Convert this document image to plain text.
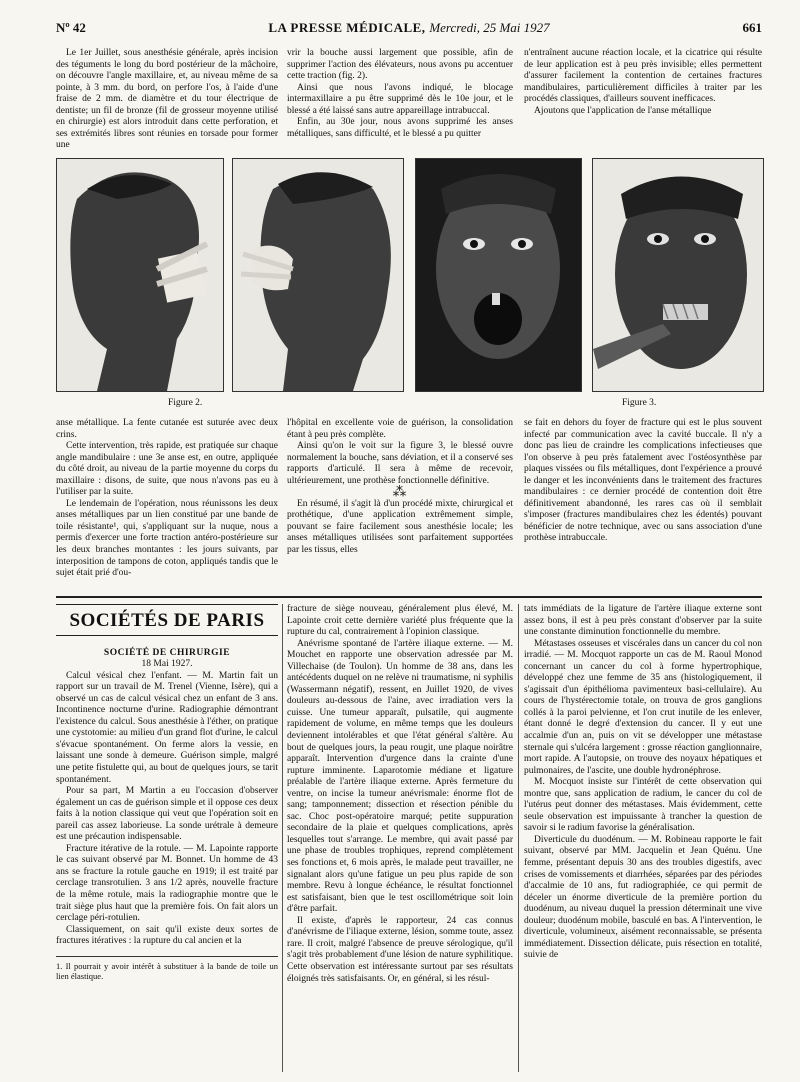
Nº 42	LA PRESSE MÉDICALE, Mercredi, 25 Mai 1927	661

Le 1er Juillet, sous anesthésie générale, après incision des téguments le long du bord postérieur de la mâchoire, on découvre l'angle maxillaire, et, au niveau même de sa pointe, à 3 mm. du bord, on perfore l'os, à l'aide d'une fraise de 2 mm. de diamètre et du tour électrique de dentiste; un fil de bronze (fil de grosseur moyenne utilisé en chirurgie) est alors introduit dans cette perforation, et ses extrémités libres sont réunies en torsade pour former une

vrir la bouche aussi largement que possible, afin de supprimer l'action des élévateurs, nous avons pu accentuer cette traction (fig. 2).

Ainsi que nous l'avons indiqué, le blocage intermaxillaire a pu être supprimé dès le 10e jour, et le blessé a été laissé sans autre appareillage intrabuccal.

Enfin, au 30e jour, nous avons supprimé les anses métalliques, sans difficulté, et le blessé a pu quitter

n'entraînent aucune réaction locale, et la cicatrice qui résulte de leur application est à peu près invisible; elles permettent d'assurer facilement la contention de certaines fractures mandibulaires, particulièrement difficiles à traiter par les procédés classiques, d'ailleurs souvent inefficaces.

Ajoutons que l'application de l'anse métallique

Figure 2.	Figure 3.

anse métallique. La fente cutanée est suturée avec deux crins.

Cette intervention, très rapide, est pratiquée sur chaque angle mandibulaire : une 3e anse est, en outre, appliquée du côté droit, au niveau de la partie moyenne du corps du maxillaire : disons, de suite, que nous n'avons pas eu à l'utiliser par la suite.

Le lendemain de l'opération, nous réunissons les deux anses métalliques par un lien constitué par une bande de toile résistante¹, qui, s'appliquant sur la nuque, nous a permis d'exercer une forte traction antéro-postérieure sur les deux branches montantes : les jours suivants, par interposition de tampons de coton, appliqués tandis que le sujet était prié d'ou-

l'hôpital en excellente voie de guérison, la consolidation étant à peu près complète.

Ainsi qu'on le voit sur la figure 3, le blessé ouvre normalement la bouche, sans déviation, et il a conservé ses rapports d'articulé. Il sera à même de recevoir, ultérieurement, une prothèse fonctionnelle définitive.

⁂

En résumé, il s'agit là d'un procédé mixte, chirurgical et prothétique, d'une application extrêmement simple, pouvant se faire facilement sous anesthésie locale; les anses métalliques utilisées sont parfaitement supportées par les tissus, elles

se fait en dehors du foyer de fracture qui est le plus souvent infecté par communication avec la cavité buccale. Il n'y a donc pas lieu de craindre les complications infectieuses que l'on observe à peu près fatalement avec l'ostéosynthèse par plaques vissées ou fils métalliques, dont l'expérience a prouvé le danger et les inconvénients dans le traitement des fractures mandibulaires : ce dernier procédé de contention doit être définitivement abandonné, les rares cas où il semblait s'imposer (fractures mandibulaires chez les édentés) pouvant bénéficier de notre technique, avec ou sans association d'une prothèse intrabuccale.

SOCIÉTÉS DE PARIS

SOCIÉTÉ DE CHIRURGIE

18 Mai 1927.

Calcul vésical chez l'enfant. — M. Martin fait un rapport sur un travail de M. Trenel (Vienne, Isère), qui a observé un cas de calcul vésical chez un enfant de 3 ans. Incontinence nocturne d'urine. Radiographie démontrant l'existence du calcul. Sous anesthésie à l'éther, on pratique une cystotomie: au milieu d'un grand flot d'urine, le calcul s'évacue spontanément. On ferme alors la vessie, en laissant une sonde à demeure. Guérison simple, malgré une petite fistulette qui, au bout de quelques jours, se tarit spontanément.

Pour sa part, M Martin a eu l'occasion d'observer également un cas de guérison simple et il oppose ces deux faits à la notion classique qui veut que l'opération soit en pareil cas assez laborieuse. La sonde urétrale à demeure est une précaution indispensable.

Fracture itérative de la rotule. — M. Lapointe rapporte le cas suivant observé par M. Bonnet. Un homme de 43 ans se fracture la rotule gauche en 1919; il est traité par cerclage transrotulien. 3 ans 1/2 après, nouvelle fracture de la même rotule, mais la radiographie montre que le trait siège plus haut que la première fois. On fait alors un cerclage péri-rotulien.

Classiquement, on sait qu'il existe deux sortes de fractures itératives : la rupture du cal ancien et la

1. Il pourrait y avoir intérêt à substituer à la bande de toile un lien élastique.

fracture de siège nouveau, généralement plus élevé, M. Lapointe croit cette dernière variété plus fréquente que la rupture du cal, contrairement à l'opinion classique.

Anévrisme spontané de l'artère iliaque externe. — M. Mouchet en rapporte une observation adressée par M. Villechaise (de Toulon). Un homme de 38 ans, dans les antécédents duquel on ne relève ni traumatisme, ni syphilis (Wassermann négatif), ressent, en Juillet 1920, de vives douleurs au-dessous de l'aine, avec irradiation vers la cuisse. Une tumeur apparaît, pulsatile, qui augmente rapidement de volume, en même temps que les douleurs deviennent intolérables et que l'état général s'altère. Au bout de quelques jours, la peau rougit, une plaque noirâtre apparaît. Intervention d'urgence dans la crainte d'une rupture imminente. Laparotomie médiane et ligature préalable de l'artère iliaque externe. Après fermeture du ventre, on incise la tumeur anévrismale: énorme flot de sang; tamponnement; dissection et résection pénible du sac. Choc post-opératoire marqué; petite suppuration secondaire de la plaie et quelques complications, après lesquelles tout s'arrange. Le membre, qui avait passé par une phase de troubles trophiques, reprend complètement ses fonctions et, 6 mois après, le malade peut travailler, ne signalant alors qu'une fatigue un peu plus rapide de son membre. Revu à longue échéance, le résultat fonctionnel est satisfaisant, bien que le test oscillométrique soit loin d'être parfait.

Il existe, d'après le rapporteur, 24 cas connus d'anévrisme de l'iliaque externe, lésion, somme toute, assez rare. Il croit, malgré l'absence de preuve sérologique, qu'il s'agit très probablement d'une lésion de nature syphilitique. Cette observation est intéressante surtout par ses résultats éloignés très satisfaisants. Or, en général, si les résul-

tats immédiats de la ligature de l'artère iliaque externe sont assez bons, il est à peu près constant d'observer par la suite une constante diminution fonctionnelle du membre.

Métastases osseuses et viscérales dans un cancer du col non irradié. — M. Mocquot rapporte un cas de M. Raoul Monod concernant un cancer du col à forme hypertrophique, développé chez une femme de 35 ans (histologiquement, il s'agissait d'un épithélioma pavimenteux basi-cellulaire). Au cours de l'hystérectomie totale, on trouva de gros ganglions collés à la paroi pelvienne, et l'on crut inutile de les enlever, étant donné le degré d'extension du cancer. Il y eut une accalmie d'un an, puis on vit se développer une métastase sternale qui s'ulcéra largement : grosse réaction ganglionnaire, mort rapide. A l'autopsie, on trouve des noyaux hépatiques et pulmonaires, de l'ascite, une double hydronéphrose.

M. Mocquot insiste sur l'intérêt de cette observation qui montre que, sans application de radium, le cancer du col de l'utérus peut donner des métastases. Mais évidemment, cette seule observation est impuissante à trancher la question de savoir si le radium favorise la généralisation.

Diverticule du duodénum. — M. Robineau rapporte le fait suivant, observé par MM. Jacquelin et Jean Quénu. Une femme, présentant depuis 30 ans des troubles digestifs, avec crises de vomissements et diarrhées, séparées par des périodes d'accalmie de 10 ans, fut radiographiée, ce qui permit de déceler un énorme diverticule de la première portion du duodénum, au niveau duquel la pression déterminait une vive douleur; duodénum mobile, basculé en bas. A l'intervention, le diverticule, volumineux, aisément reconnaissable, se présenta immédiatement. Dissection délicate, puis résection en totalité, suivie de
